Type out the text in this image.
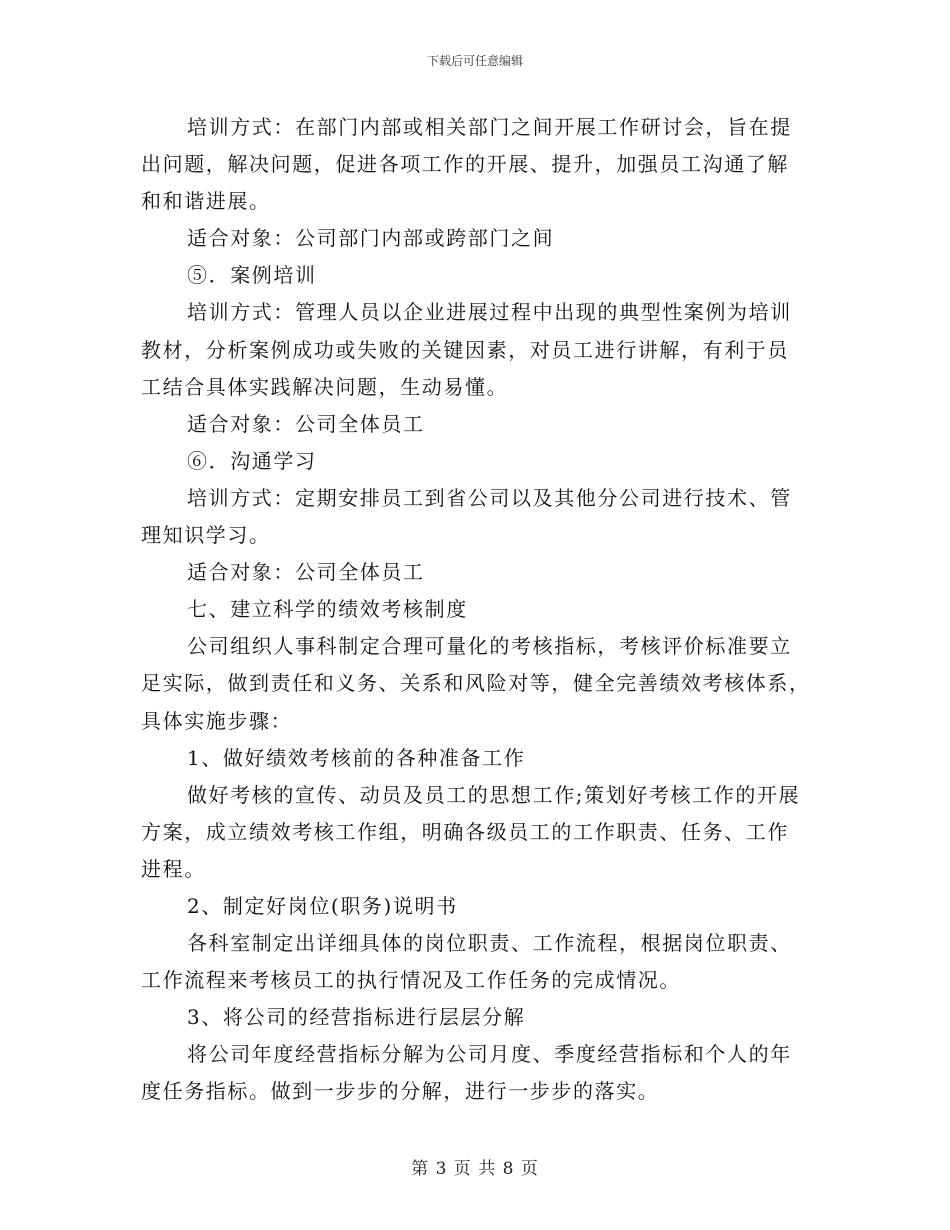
下载后可任意编辑
培训方式：在部门内部或相关部门之间开展工作研讨会，旨在提
出问题，解决问题，促进各项工作的开展、提升，加强员工沟通了解
和和谐进展。
适合对象：公司部门内部或跨部门之间
⑤．案例培训
培训方式：管理人员以企业进展过程中出现的典型性案例为培训
教材，分析案例成功或失败的关键因素，对员工进行讲解，有利于员
工结合具体实践解决问题，生动易懂。
适合对象：公司全体员工
⑥．沟通学习
培训方式：定期安排员工到省公司以及其他分公司进行技术、管
理知识学习。
适合对象：公司全体员工
七、建立科学的绩效考核制度
公司组织人事科制定合理可量化的考核指标，考核评价标准要立
足实际，做到责任和义务、关系和风险对等，健全完善绩效考核体系，
具体实施步骤：
1、做好绩效考核前的各种准备工作
做好考核的宣传、动员及员工的思想工作;策划好考核工作的开展
方案，成立绩效考核工作组，明确各级员工的工作职责、任务、工作
进程。
2、制定好岗位(职务)说明书
各科室制定出详细具体的岗位职责、工作流程，根据岗位职责、
工作流程来考核员工的执行情况及工作任务的完成情况。
3、将公司的经营指标进行层层分解
将公司年度经营指标分解为公司月度、季度经营指标和个人的年
度任务指标。做到一步步的分解，进行一步步的落实。
第 3 页 共 8 页
